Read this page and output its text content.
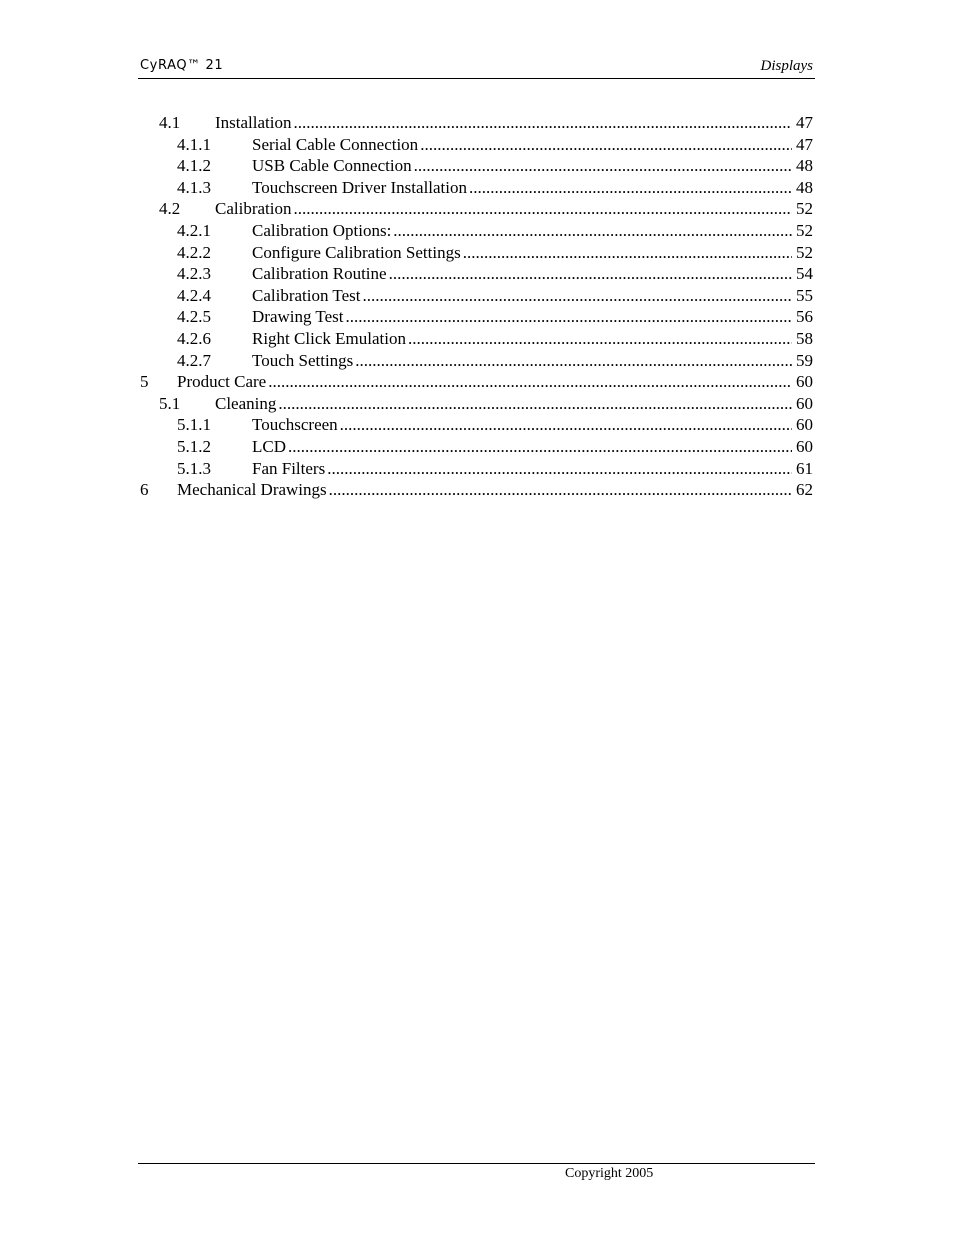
CyRAQ™ 21	Displays
4.1 Installation .....	47
4.1.1 Serial Cable Connection .....	47
4.1.2 USB Cable Connection .....	48
4.1.3 Touchscreen Driver Installation .....	48
4.2 Calibration .....	52
4.2.1 Calibration Options: .....	52
4.2.2 Configure Calibration Settings .....	52
4.2.3 Calibration Routine .....	54
4.2.4 Calibration Test .....	55
4.2.5 Drawing Test .....	56
4.2.6 Right Click Emulation .....	58
4.2.7 Touch Settings .....	59
5 Product Care .....	60
5.1 Cleaning .....	60
5.1.1 Touchscreen .....	60
5.1.2 LCD .....	60
5.1.3 Fan Filters .....	61
6 Mechanical Drawings .....	62
Copyright 2005
